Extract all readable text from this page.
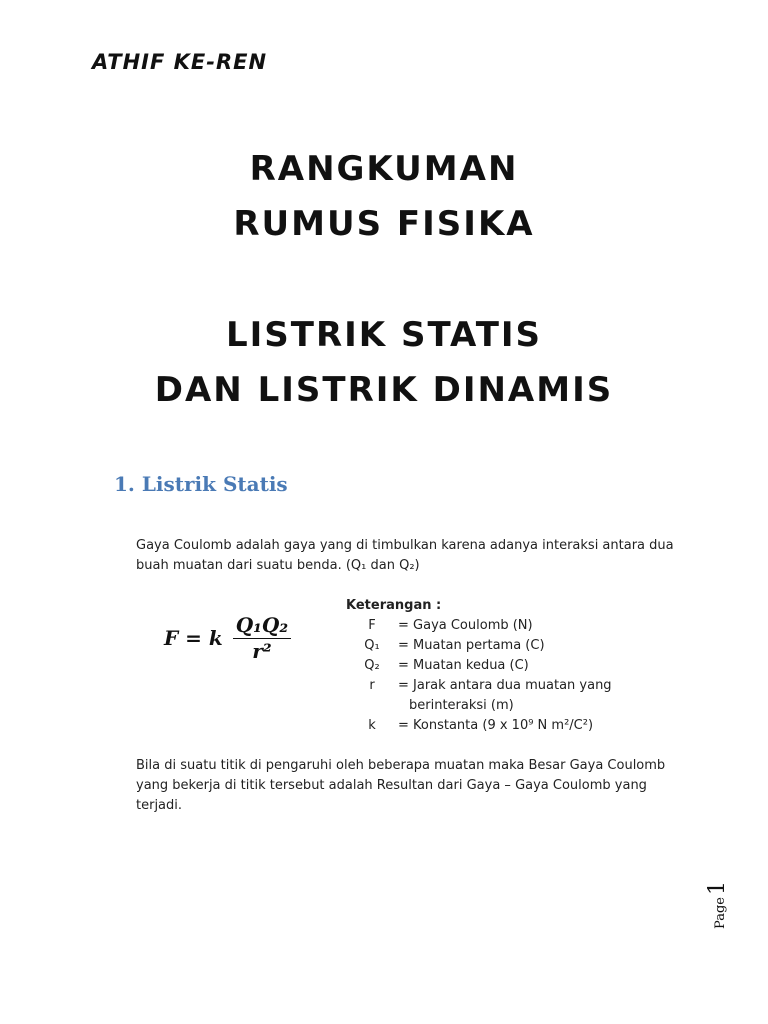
ATHIF KE-REN
RANGKUMAN
RUMUS FISIKA
LISTRIK STATIS
DAN LISTRIK DINAMIS
1. Listrik Statis
Gaya Coulomb adalah gaya yang di timbulkan karena adanya interaksi antara dua buah muatan dari suatu benda. (Q₁ dan Q₂)
F = k $\frac{\text{Q₁Q₂}}{\text{r²}}$
Keterangan :
F	= Gaya Coulomb (N)
Q₁	= Muatan pertama (C)
Q₂	= Muatan kedua (C)
r	= Jarak antara dua muatan yang
berinteraksi (m)
k	= Konstanta (9 x 10⁹ N m²/C²)
Bila di suatu titik di pengaruhi oleh beberapa muatan maka Besar Gaya Coulomb yang bekerja di titik tersebut adalah Resultan dari Gaya – Gaya Coulomb yang terjadi.
Page
1
